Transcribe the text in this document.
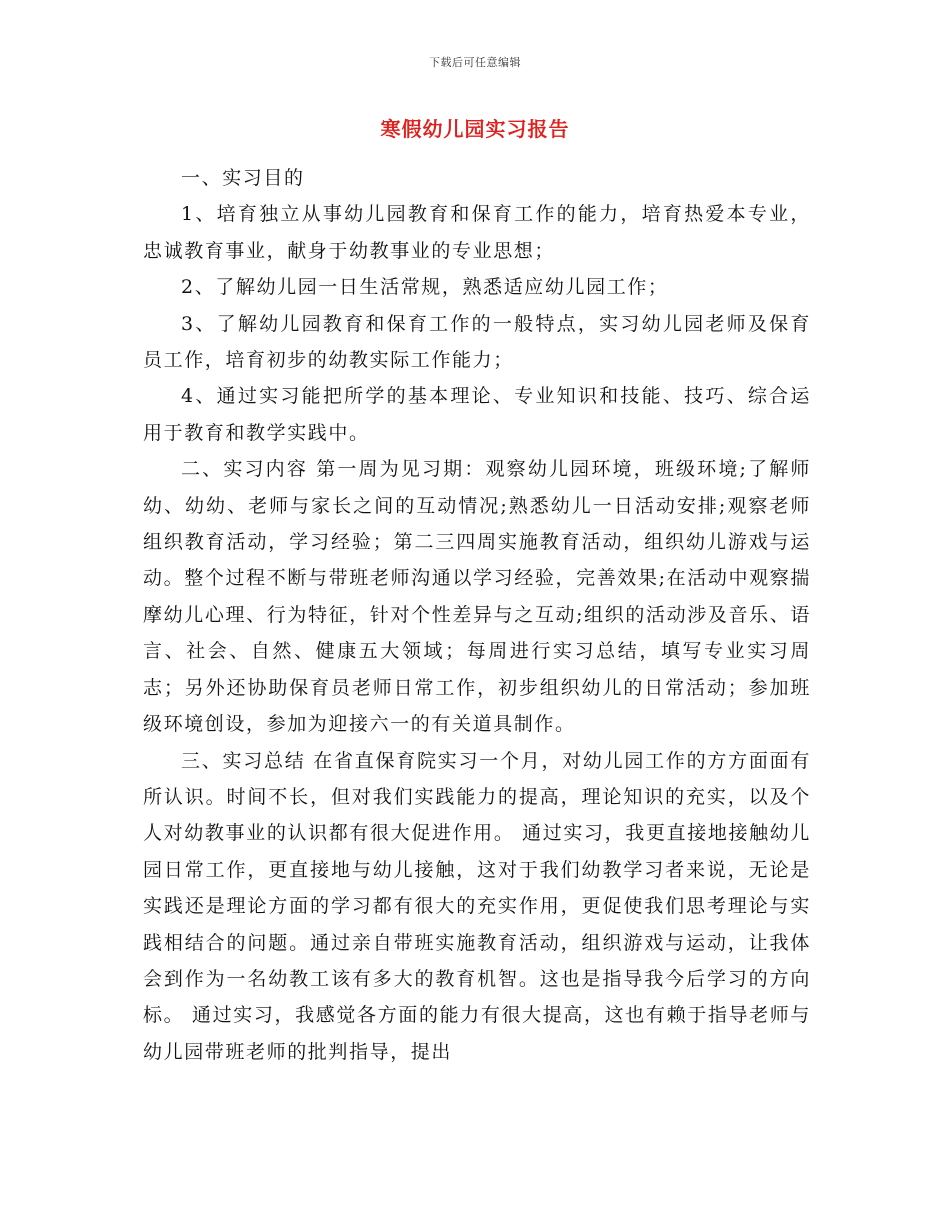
下载后可任意编辑
寒假幼儿园实习报告

一、实习目的

1、培育独立从事幼儿园教育和保育工作的能力，培育热爱本专业，忠诚教育事业，献身于幼教事业的专业思想；

2、了解幼儿园一日生活常规，熟悉适应幼儿园工作；

3、了解幼儿园教育和保育工作的一般特点，实习幼儿园老师及保育员工作，培育初步的幼教实际工作能力；

4、通过实习能把所学的基本理论、专业知识和技能、技巧、综合运用于教育和教学实践中。

二、实习内容 第一周为见习期：观察幼儿园环境，班级环境;了解师幼、幼幼、老师与家长之间的互动情况;熟悉幼儿一日活动安排;观察老师组织教育活动，学习经验；第二三四周实施教育活动，组织幼儿游戏与运动。整个过程不断与带班老师沟通以学习经验，完善效果;在活动中观察揣摩幼儿心理、行为特征，针对个性差异与之互动;组织的活动涉及音乐、语言、社会、自然、健康五大领域；每周进行实习总结，填写专业实习周志；另外还协助保育员老师日常工作，初步组织幼儿的日常活动；参加班级环境创设，参加为迎接六一的有关道具制作。

三、实习总结 在省直保育院实习一个月，对幼儿园工作的方方面面有所认识。时间不长，但对我们实践能力的提高，理论知识的充实，以及个人对幼教事业的认识都有很大促进作用。 通过实习，我更直接地接触幼儿园日常工作，更直接地与幼儿接触，这对于我们幼教学习者来说，无论是实践还是理论方面的学习都有很大的充实作用，更促使我们思考理论与实践相结合的问题。通过亲自带班实施教育活动，组织游戏与运动，让我体会到作为一名幼教工该有多大的教育机智。这也是指导我今后学习的方向标。 通过实习，我感觉各方面的能力有很大提高，这也有赖于指导老师与幼儿园带班老师的批判指导，提出
